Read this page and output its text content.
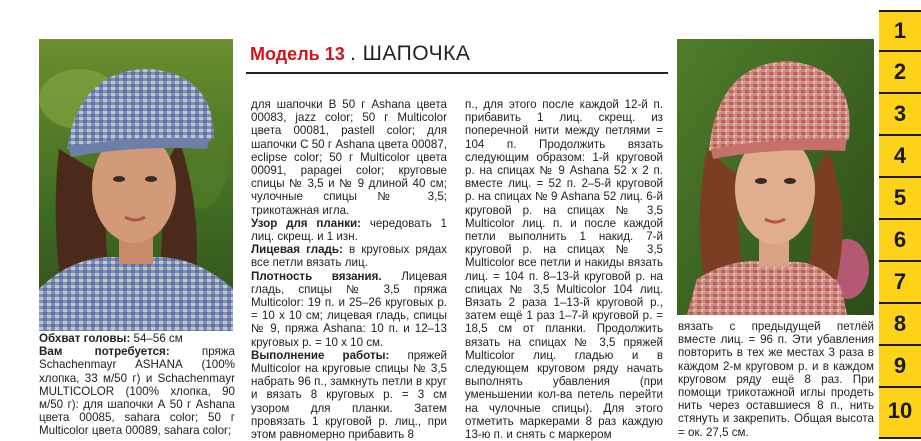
Модель 13 . ШАПОЧКА

Обхват головы: 54–56 см

Вам потребуется: пряжа Schachenmayr ASHANA (100% хлопка, 33 м/50 г) и Schachenmayr MULTICOLOR (100% хлопка, 90 м/50 г): для шапочки А 50 г Ashana цвета 00085, sahara color; 50 г Multicolor цвета 00089, sahara color;

для шапочки В 50 г Ashana цвета 00083, jazz color; 50 г Multicolor цвета 00081, pastell color; для шапочки С 50 г Ashana цвета 00087, eclipse color; 50 г Multicolor цвета 00091, papagei color; круговые спицы № 3,5 и № 9 длиной 40 см; чулочные спицы № 3,5; трикотажная игла.

Узор для планки: чередовать 1 лиц. скрещ. и 1 изн.

Лицевая гладь: в круговых рядах все петли вязать лиц.

Плотность вязания. Лицевая гладь, спицы № 3,5 пряжа Multicolor: 19 п. и 25–26 круговых р. = 10 х 10 см; лицевая гладь, спицы № 9, пряжа Ashana: 10 п. и 12–13 круговых р. = 10 х 10 см.

Выполнение работы: пряжей Multicolor на круговые спицы № 3,5 набрать 96 п., замкнуть петли в круг и вязать 8 круговых р. = 3 см узором для планки. Затем провязать 1 круговой р. лиц., при этом равномерно прибавить 8

п., для этого после каждой 12-й п. прибавить 1 лиц. скрещ. из поперечной нити между петлями = 104 п. Продолжить вязать следующим образом: 1-й круговой р. на спицах № 9 Ashana 52 х 2 п. вместе лиц. = 52 п. 2–5-й круговой р. на спицах № 9 Ashana 52 лиц. 6-й круговой р. на спицах № 3,5 Multicolor лиц. п. и после каждой петли выполнить 1 накид. 7-й круговой р. на спицах № 3,5 Multicolor все петли и накиды вязать лиц. = 104 п. 8–13-й круговой р. на спицах № 3,5 Multicolor 104 лиц. Вязать 2 раза 1–13-й круговой р., затем ещё 1 раз 1–7-й круговой р. = 18,5 см от планки. Продолжить вязать на спицах № 3,5 пряжей Multicolor лиц. гладью и в следующем круговом ряду начать выполнять убавления (при уменьшении кол-ва петель перейти на чулочные спицы). Для этого отметить маркерами 8 раз каждую 13-ю п. и снять с маркером

вязать с предыдущей петлёй вместе лиц. = 96 п. Эти убавления повторить в тех же местах 3 раза в каждом 2-м круговом р. и в каждом круговом ряду ещё 8 раз. При помощи трикотажной иглы продеть нить через оставшиеся 8 п., нить стянуть и закрепить. Общая высота = ок. 27,5 см.

1
2
3
4
5
6
7
8
9
10
